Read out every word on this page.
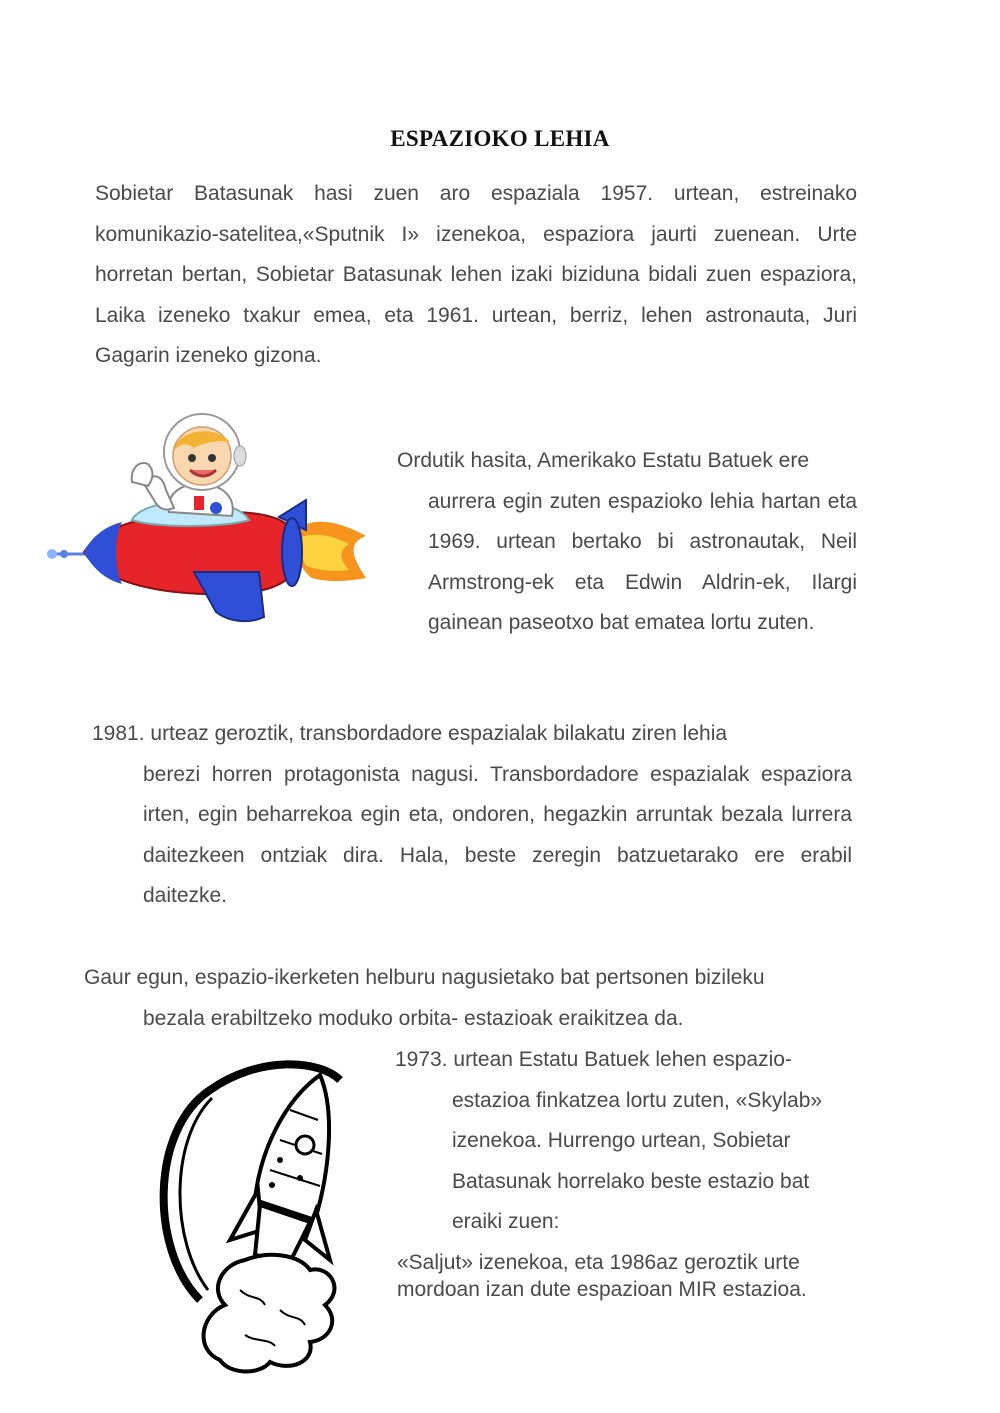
ESPAZIOKO LEHIA

Sobietar Batasunak hasi zuen aro espaziala 1957. urtean, estreinako komunikazio-satelitea,«Sputnik I» izenekoa, espaziora jaurti zuenean. Urte horretan bertan, Sobietar Batasunak lehen izaki biziduna bidali zuen espaziora, Laika izeneko txakur emea, eta 1961. urtean, berriz, lehen astronauta, Juri Gagarin izeneko gizona.

Ordutik hasita, Amerikako Estatu Batuek ere
aurrera egin zuten espazioko lehia hartan eta 1969. urtean bertako bi astronautak, Neil Armstrong-ek eta Edwin Aldrin-ek, Ilargi gainean paseotxo bat ematea lortu zuten.
1981. urteaz geroztik, transbordadore espazialak bilakatu ziren lehia
berezi horren protagonista nagusi. Transbordadore espazialak espaziora irten, egin beharrekoa egin eta, ondoren, hegazkin arruntak bezala lurrera daitezkeen ontziak dira. Hala, beste zeregin batzuetarako ere erabil daitezke.
Gaur egun, espazio-ikerketen helburu nagusietako bat pertsonen bizileku
bezala erabiltzeko moduko orbita- estazioak eraikitzea da.
1973. urtean Estatu Batuek lehen espazio-
estazioa finkatzea lortu zuten, «Skylab» izenekoa. Hurrengo urtean, Sobietar Batasunak horrelako beste estazio bat eraiki zuen:

«Saljut» izenekoa, eta 1986az geroztik urte mordoan izan dute espazioan MIR estazioa.
